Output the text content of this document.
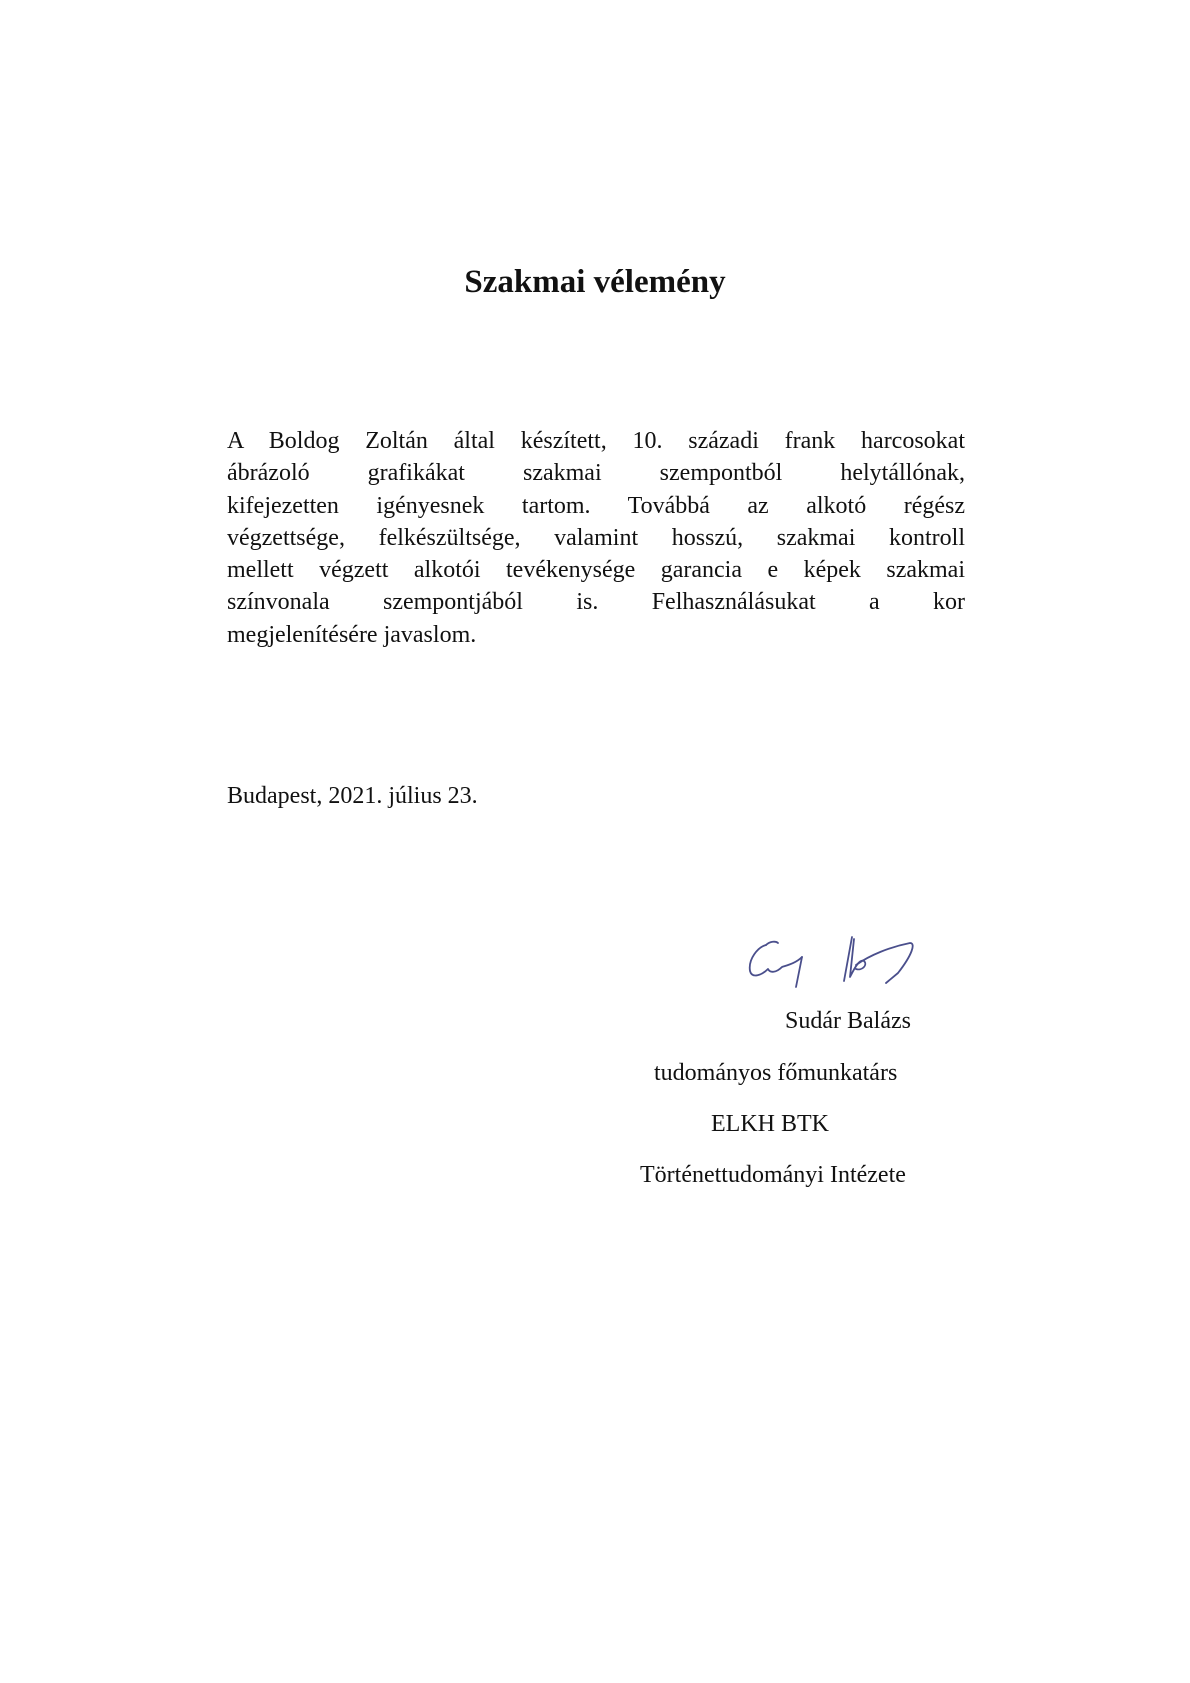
Szakmai vélemény
A Boldog Zoltán által készített, 10. századi frank harcosokat
ábrázoló grafikákat szakmai szempontból helytállónak,
kifejezetten igényesnek tartom. Továbbá az alkotó régész
végzettsége, felkészültsége, valamint hosszú, szakmai kontroll
mellett végzett alkotói tevékenysége garancia e képek szakmai
színvonala szempontjából is. Felhasználásukat a kor
megjelenítésére javaslom.
Budapest, 2021. július 23.
Sudár Balázs
tudományos főmunkatárs
ELKH BTK
Történettudományi Intézete
